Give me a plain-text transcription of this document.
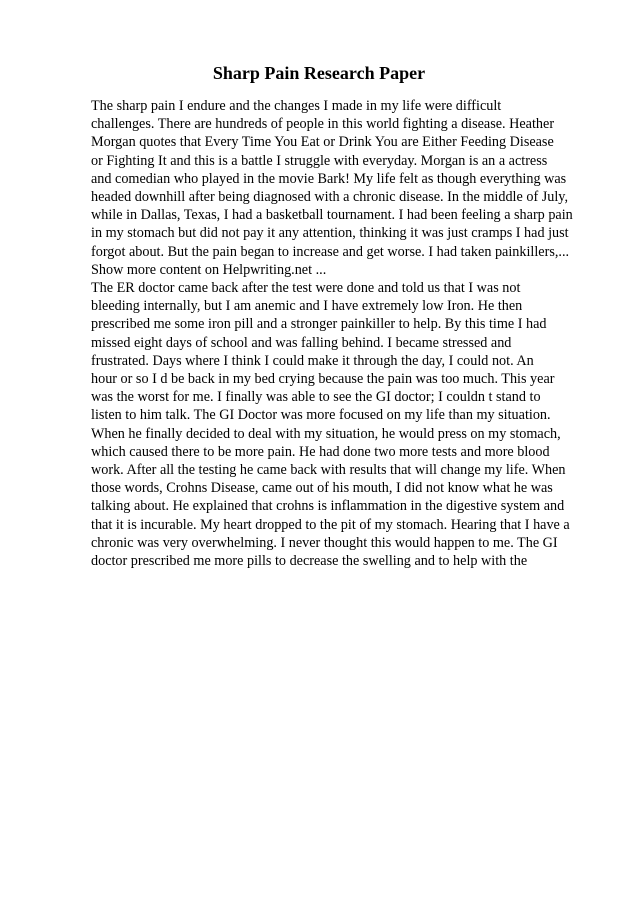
Sharp Pain Research Paper
The sharp pain I endure and the changes I made in my life were difficult
challenges. There are hundreds of people in this world fighting a disease. Heather
Morgan quotes that Every Time You Eat or Drink You are Either Feeding Disease
or Fighting It and this is a battle I struggle with everyday. Morgan is an a actress
and comedian who played in the movie Bark! My life felt as though everything was
headed downhill after being diagnosed with a chronic disease. In the middle of July,
while in Dallas, Texas, I had a basketball tournament. I had been feeling a sharp pain
in my stomach but did not pay it any attention, thinking it was just cramps I had just
forgot about. But the pain began to increase and get worse. I had taken painkillers,...
Show more content on Helpwriting.net ...
The ER doctor came back after the test were done and told us that I was not
bleeding internally, but I am anemic and I have extremely low Iron. He then
prescribed me some iron pill and a stronger painkiller to help. By this time I had
missed eight days of school and was falling behind. I became stressed and
frustrated. Days where I think I could make it through the day, I could not. An
hour or so I d be back in my bed crying because the pain was too much. This year
was the worst for me. I finally was able to see the GI doctor; I couldn t stand to
listen to him talk. The GI Doctor was more focused on my life than my situation.
When he finally decided to deal with my situation, he would press on my stomach,
which caused there to be more pain. He had done two more tests and more blood
work. After all the testing he came back with results that will change my life. When
those words, Crohns Disease, came out of his mouth, I did not know what he was
talking about. He explained that crohns is inflammation in the digestive system and
that it is incurable. My heart dropped to the pit of my stomach. Hearing that I have a
chronic was very overwhelming. I never thought this would happen to me. The GI
doctor prescribed me more pills to decrease the swelling and to help with the
